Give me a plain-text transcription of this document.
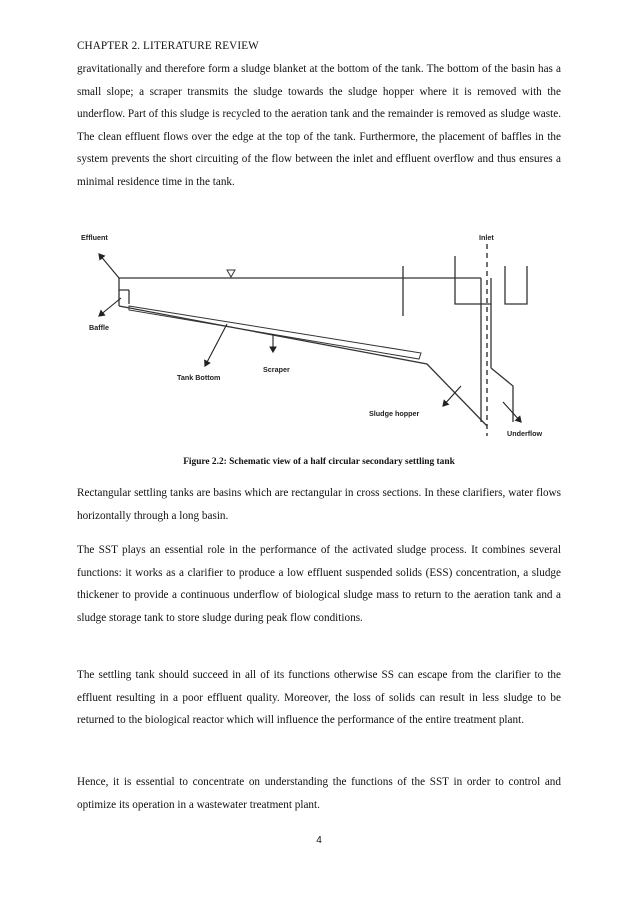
CHAPTER 2. LITERATURE REVIEW

gravitationally and therefore form a sludge blanket at the bottom of the tank. The bottom of the basin has a small slope; a scraper transmits the sludge towards the sludge hopper where it is removed with the underflow. Part of this sludge is recycled to the aeration tank and the remainder is removed as sludge waste. The clean effluent flows over the edge at the top of the tank. Furthermore, the placement of baffles in the system prevents the short circuiting of the flow between the inlet and effluent overflow and thus ensures a minimal residence time in the tank.

Effluent	Inlet
Baffle
Scraper
Tank Bottom
Sludge hopper
Underflow
Figure 2.2: Schematic view of a half circular secondary settling tank

Rectangular settling tanks are basins which are rectangular in cross sections. In these clarifiers, water flows horizontally through a long basin.

The SST plays an essential role in the performance of the activated sludge process. It combines several functions: it works as a clarifier to produce a low effluent suspended solids (ESS) concentration, a sludge thickener to provide a continuous underflow of biological sludge mass to return to the aeration tank and a sludge storage tank to store sludge during peak flow conditions.

The settling tank should succeed in all of its functions otherwise SS can escape from the clarifier to the effluent resulting in a poor effluent quality. Moreover, the loss of solids can result in less sludge to be returned to the biological reactor which will influence the performance of the entire treatment plant.

Hence, it is essential to concentrate on understanding the functions of the SST in order to control and optimize its operation in a wastewater treatment plant.

4
